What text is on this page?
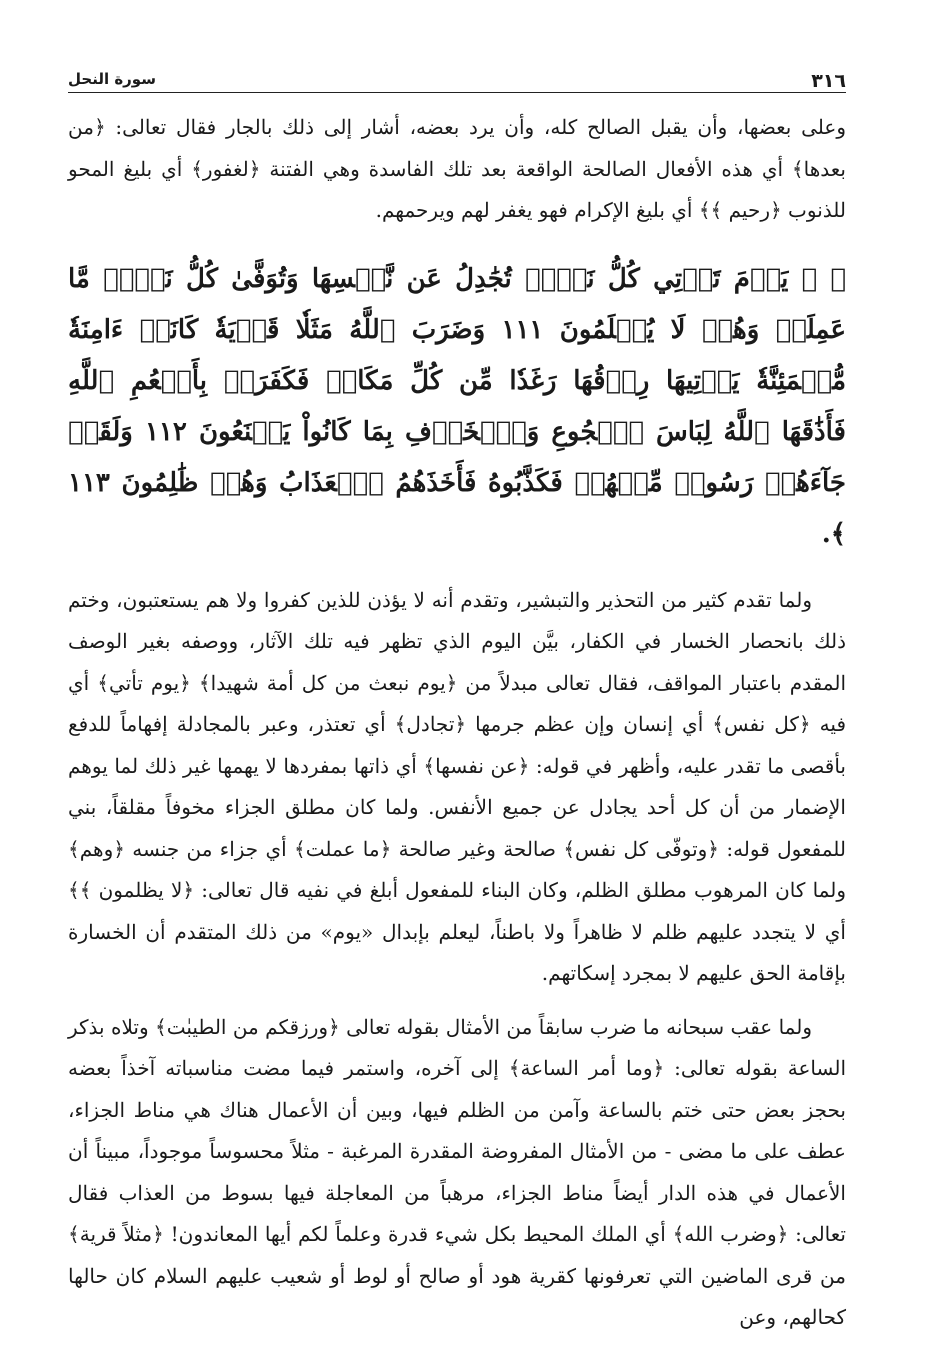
٣١٦
سورة النحل

وعلى بعضها، وأن يقبل الصالح كله، وأن يرد بعضه، أشار إلى ذلك بالجار فقال تعالى: ﴿من بعدها﴾ أي هذه الأفعال الصالحة الواقعة بعد تلك الفاسدة وهي الفتنة ﴿لغفور﴾ أي بليغ المحو للذنوب ﴿رحيم ﴾﴾ أي بليغ الإكرام فهو يغفر لهم ويرحمهم.

﴿ ۞ يَوۡمَ تَأۡتِي كُلُّ نَفۡسٖ تُجَٰدِلُ عَن نَّفۡسِهَا وَتُوَفَّىٰ كُلُّ نَفۡسٖ مَّا عَمِلَتۡ وَهُمۡ لَا يُظۡلَمُونَ ١١١ وَضَرَبَ ٱللَّهُ مَثَلٗا قَرۡيَةٗ كَانَتۡ ءَامِنَةٗ مُّطۡمَئِنَّةٗ يَأۡتِيهَا رِزۡقُهَا رَغَدٗا مِّن كُلِّ مَكَانٖ فَكَفَرَتۡ بِأَنۡعُمِ ٱللَّهِ فَأَذَٰقَهَا ٱللَّهُ لِبَاسَ ٱلۡجُوعِ وَٱلۡخَوۡفِ بِمَا كَانُواْ يَصۡنَعُونَ ١١٢ وَلَقَدۡ جَآءَهُمۡ رَسُولٞ مِّنۡهُمۡ فَكَذَّبُوهُ فَأَخَذَهُمُ ٱلۡعَذَابُ وَهُمۡ ظَٰلِمُونَ ١١٣ ﴾.

ولما تقدم كثير من التحذير والتبشير، وتقدم أنه لا يؤذن للذين كفروا ولا هم يستعتبون، وختم ذلك بانحصار الخسار في الكفار، بيَّن اليوم الذي تظهر فيه تلك الآثار، ووصفه بغير الوصف المقدم باعتبار المواقف، فقال تعالى مبدلاً من ﴿يوم نبعث من كل أمة شهيدا﴾ ﴿يوم تأتي﴾ أي فيه ﴿كل نفس﴾ أي إنسان وإن عظم جرمها ﴿تجادل﴾ أي تعتذر، وعبر بالمجادلة إفهاماً للدفع بأقصى ما تقدر عليه، وأظهر في قوله: ﴿عن نفسها﴾ أي ذاتها بمفردها لا يهمها غير ذلك لما يوهم الإضمار من أن كل أحد يجادل عن جميع الأنفس. ولما كان مطلق الجزاء مخوفاً مقلقاً، بني للمفعول قوله: ﴿وتوفّى كل نفس﴾ صالحة وغير صالحة ﴿ما عملت﴾ أي جزاء من جنسه ﴿وهم﴾ ولما كان المرهوب مطلق الظلم، وكان البناء للمفعول أبلغ في نفيه قال تعالى: ﴿لا يظلمون ﴾﴾ أي لا يتجدد عليهم ظلم لا ظاهراً ولا باطناً، ليعلم بإبدال «يوم» من ذلك المتقدم أن الخسارة بإقامة الحق عليهم لا بمجرد إسكاتهم.

ولما عقب سبحانه ما ضرب سابقاً من الأمثال بقوله تعالى ﴿ورزقكم من الطيبٰت﴾ وتلاه بذكر الساعة بقوله تعالى: ﴿وما أمر الساعة﴾ إلى آخره، واستمر فيما مضت مناسباته آخذاً بعضه بحجز بعض حتى ختم بالساعة وآمن من الظلم فيها، وبين أن الأعمال هناك هي مناط الجزاء، عطف على ما مضى - من الأمثال المفروضة المقدرة المرغبة - مثلاً محسوساً موجوداً، مبيناً أن الأعمال في هذه الدار أيضاً مناط الجزاء، مرهباً من المعاجلة فيها بسوط من العذاب فقال تعالى: ﴿وضرب الله﴾ أي الملك المحيط بكل شيء قدرة وعلماً لكم أيها المعاندون! ﴿مثلاً قرية﴾ من قرى الماضين التي تعرفونها كقرية هود أو صالح أو لوط أو شعيب عليهم السلام كان حالها كحالهم، وعن
